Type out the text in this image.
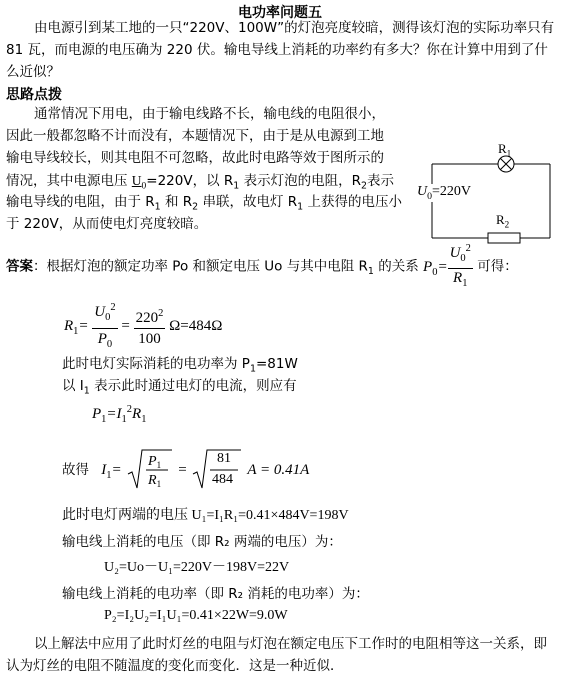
电功率问题五
由电源引到某工地的一只“220V、100W”的灯泡亮度较暗，测得该灯泡的实际功率只有
81 瓦，而电源的电压确为 220 伏。输电导线上消耗的功率约有多大？你在计算中用到了什
么近似？
思路点拨
通常情况下用电，由于输电线路不长，输电线的电阻很小，
因此一般都忽略不计而没有，本题情况下，由于是从电源到工地
输电导线较长，则其电阻不可忽略，故此时电路等效于图所示的
情况，其中电源电压 $U_0=220V$，以 $R_1$ 表示灯泡的电阻，$R_2$表示
输电导线的电阻，由于 $R_1$ 和 $R_2$ 串联，故电灯 $R_1$ 上获得的电压小
于 220V，从而使电灯亮度较暗。
$R_1$
$R_2$
$U_0=220V$
答案：根据灯泡的额定功率 Po 和额定电压 Uo 与其中电阻 $R_1$ 的关系 $P_0= \frac{U_0^2}{R_1}$ 可得：
$R_1= \frac{U_0^2}{P_0} = \frac{220^2}{100} \Omega=484\Omega$
此时电灯实际消耗的电功率为 $P_1=81W$
以 $I_1$ 表示此时通过电灯的电流，则应有
$P_1=I_1^2R_1$
故得 $I_1=$
$P_1$
$R_1$
=
81
484
A = 0.41A
此时电灯两端的电压 U₁=I₁R₁=0.41×484V=198V
输电线上消耗的电压（即 R₂ 两端的电压）为：
U₂=Uo－U₁=220V－198V=22V
输电线上消耗的电功率（即 R₂ 消耗的电功率）为：
P₂=I₂U₂=I₁U₁=0.41×22W=9.0W
以上解法中应用了此时灯丝的电阻与灯泡在额定电压下工作时的电阻相等这一关系，即
认为灯丝的电阻不随温度的变化而变化．这是一种近似．
